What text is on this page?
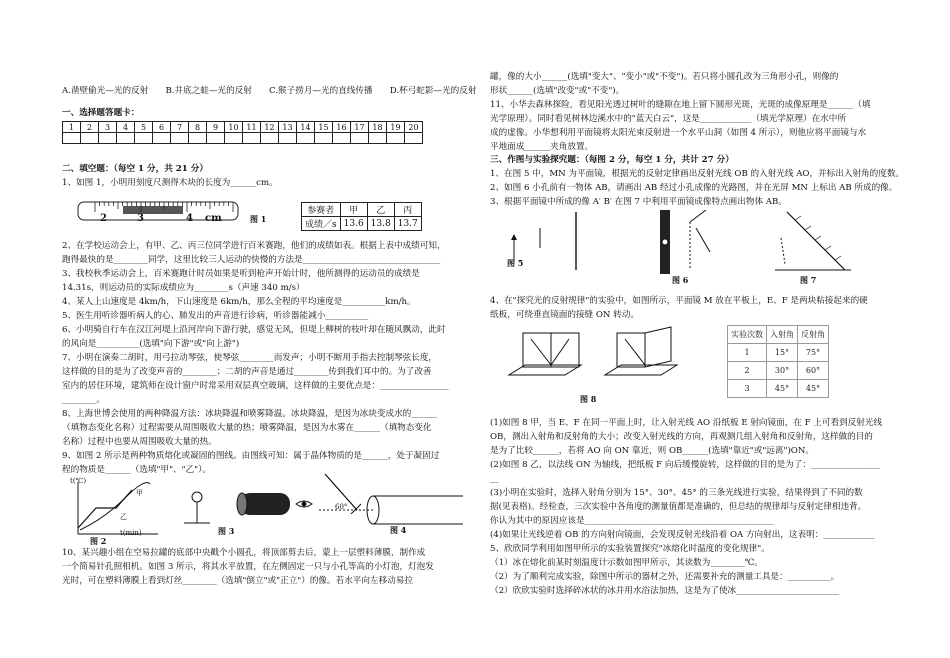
A.凿壁偷光—光的反射　　B.井底之蛙—光的反射　　C.猴子捞月—光的直线传播　　D.杯弓蛇影—光的反射
一、选择题答题卡：
1	2	3	4	5	6	7	8	9	10	11	12	13	14	15	16	17	18	19	20

二、填空题：（每空 1 分，共 21 分）
1、如图 1，小明用刻度尺测得木块的长度为______cm。
2	3	4 cm	图 1
参赛者	甲	乙	丙
成绩／s	13.6	13.8	13.7
2、在学校运动会上，有甲、乙、丙三位同学进行百米赛跑，他们的成绩如表。根据上表中成绩可知，
跑得最快的是________同学，这里比较三人运动的快慢的方法是________________________________
3、我校秋季运动会上，百米赛跑计时员如果是听到枪声开始计时，他所测得的运动员的成绩是
14.31s，则运动员的实际成绩应为________s（声速 340 m/s）
4、某人上山速度是 4km/h，下山速度是 6km/h，那么全程的平均速度是__________km/h。
5、医生用听诊器听病人的心、肺发出的声音进行诊病，听诊器能减小__________
6、小明骑自行车在汉江河堤上沿河岸向下游行驶，感觉无风，但堤上柳树的枝叶却在随风飘动，此时
的风向是__________(选填"向下游"或"向上游")
7、小明在演奏二胡时，用弓拉动琴弦，使琴弦________而发声；小明不断用手指去控制琴弦长度，
这样做的目的是为了改变声音的________；二胡的声音是通过________传到我们耳中的。为了改善
室内的居住环境，建筑师在设计窗户时常采用双层真空玻璃，这样做的主要优点是：________________
________。
8、上海世博会使用的两种降温方法：冰块降温和喷雾降温。冰块降温，是因为冰块变成水的______
（填物态变化名称）过程需要从周围吸收大量的热；喷雾降温，是因为水雾在______（填物态变化
名称）过程中也要从周围吸收大量的热。
9、如图 2 所示是两种物质熔化或凝固的图线。由图线可知：属于晶体物质的是______，处于凝固过
程的物质是______（选填"甲"、"乙"）。
t(℃)
t(min)
甲
乙
图 2
图 3
60°
图 4
10、某兴趣小组在空易拉罐的底部中央戳个小圆孔，将顶部剪去后，蒙上一层塑料薄膜，制作成
一个简易针孔照相机。如图 3 所示，将其水平放置，在左侧固定一只与小孔等高的小灯泡，灯泡发
光时，可在塑料薄膜上看到灯丝________（选填"倒立"或"正立"）的像。若水平向左移动易拉
罐，像的大小______(选填"变大"、"变小"或"不变")。若只将小圆孔改为三角形小孔，则像的
形状______(选填"改变"或"不变")。
11、小华去森林探险，看见阳光透过树叶的缝隙在地上留下圆形光斑，光斑的成像原理是______（填
光学原理）。同时看见树林边溪水中的"蓝天白云"，这是____________（填光学原理）在水中所
成的虚像。小华想利用平面镜将太阳光束反射进一个水平山洞（如图 4 所示），则他应将平面镜与水
平地面成______夹角放置。
三、作图与实验探究题：（每图 2 分，每空 1 分，共计 27 分）
1、在图 5 中，MN 为平面镜，根据光的反射定律画出反射光线 OB 的入射光线 AO，并标出入射角的度数。
2、如图 6 小孔前有一物体 AB，请画出 AB 经过小孔成像的光路图，并在光屏 MN 上标出 AB 所成的像。
3、根据平面镜中所成的像 A′ B′ 在图 7 中利用平面镜成像特点画出物体 AB。
图 5
图 6	图 7
4、在"探究光的反射规律"的实验中，如图所示，平面镜 M 放在平板上，E、F 是两块粘接起来的硬
纸板，可绕垂直镜面的接缝 ON 转动。
图 8
实验次数	入射角	反射角
1	15°	75°
2	30°	60°
3	45°	45°
(1)如图 8 甲，当 E、F 在同一平面上时，让入射光线 AO 沿纸板 E 射向镜面，在 F 上可看到反射光线
OB，测出入射角和反射角的大小；改变入射光线的方向，再观测几组入射角和反射角，这样做的目的
是为了比较______，若将 AO 向 ON 靠近，则 OB______(选填"靠近"或"远离")ON。
(2)如图 8 乙，以法线 ON 为轴线，把纸板 F 向后缓慢旋转，这样做的目的是为了：________________
__
(3)小明在实验时，选择入射角分别为 15°、30°、45° 的三条光线进行实验，结果得到了不同的数
据(见表格)。经检查，三次实验中各角度的测量值都是准确的，但总结的规律却与反射定律相违背。
你认为其中的原因应该是____________________________________________
(4)如果让光线逆着 OB 的方向射向镜面，会发现反射光线沿着 OA 方向射出，这表明：____________
5、欣欣同学利用如图甲所示的实验装置探究"冰熔化时温度的变化规律"。
（1）冰在熔化前某时刻温度计示数如图甲所示，其读数为________℃。
（2）为了顺利完成实验，除图中所示的器材之外，还需要补充的测量工具是：__________。
（2）欣欣实验时选择碎冰状的冰并用水浴法加热，这是为了使冰________________________
